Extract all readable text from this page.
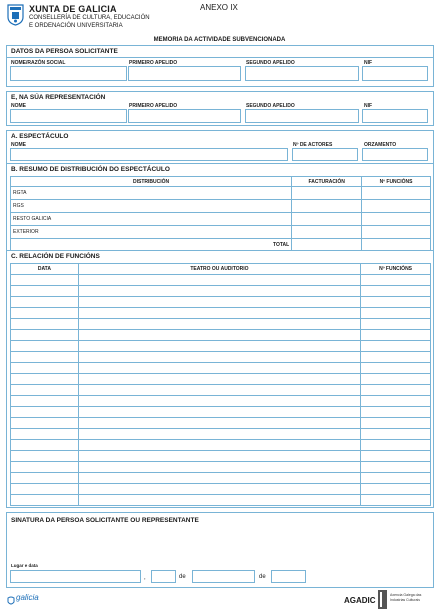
XUNTA DE GALICIA
CONSELLERÍA DE CULTURA, EDUCACIÓN
E ORDENACIÓN UNIVERSITARIA
ANEXO IX
MEMORIA DA ACTIVIDADE SUBVENCIONADA
DATOS DA PERSOA SOLICITANTE
NOME/RAZÓN SOCIAL	PRIMEIRO APELIDO	SEGUNDO APELIDO	NIF
E, NA SÚA REPRESENTACIÓN
NOME	PRIMEIRO APELIDO	SEGUNDO APELIDO	NIF
A. ESPECTÁCULO
NOME	Nº DE ACTORES	ORZAMENTO
B. RESUMO DE DISTRIBUCIÓN DO ESPECTÁCULO
DISTRIBUCIÓN	FACTURACIÓN	Nº FUNCIÓNS
RGTA		
RGS		
RESTO GALICIA		
EXTERIOR		
TOTAL		
C. RELACIÓN DE FUNCIÓNS
DATA	TEATRO OU AUDITORIO	Nº FUNCIÓNS

SINATURA DA PERSOA SOLICITANTE OU REPRESENTANTE
Lugar e data
,	de	de
galicia	AGADIC
Axencia Galega das
Industrias Culturais
